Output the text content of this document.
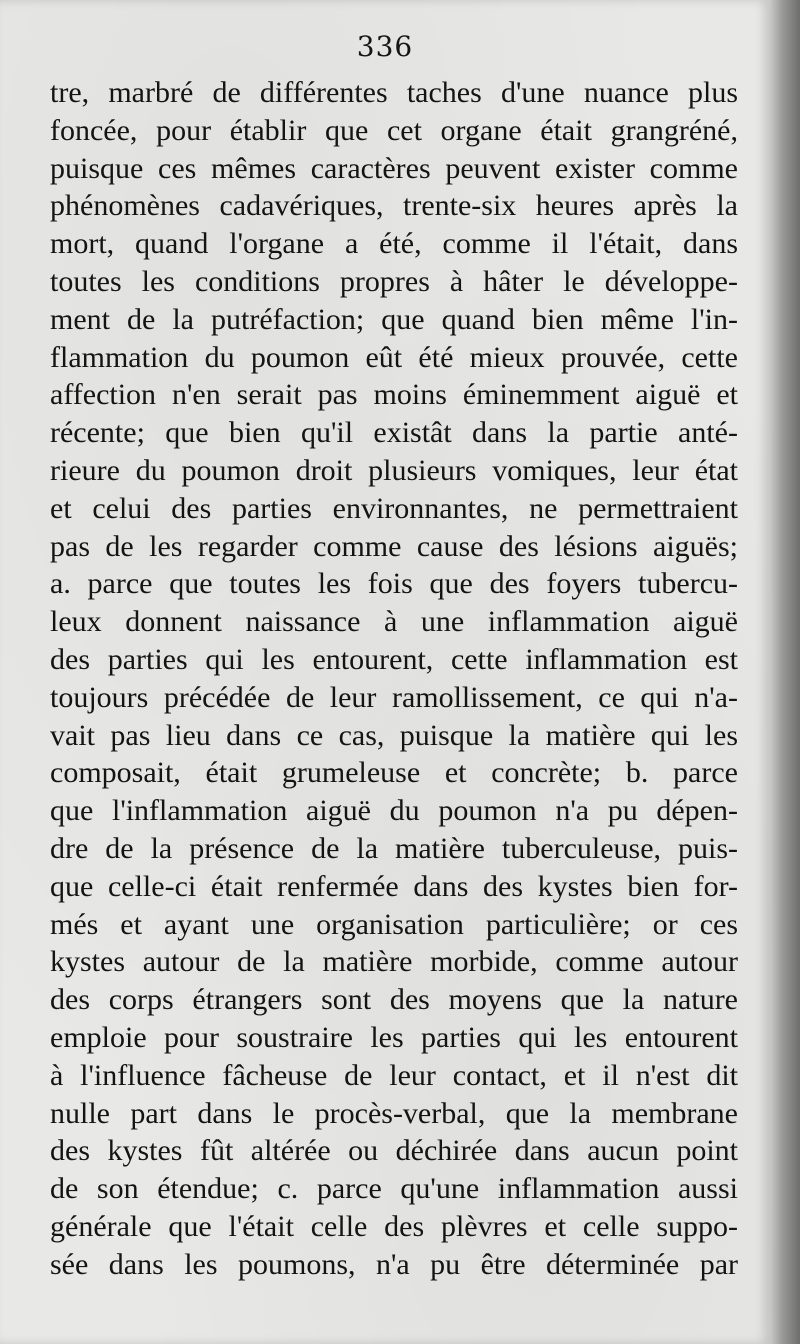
336
tre, marbré de différentes taches d'une nuance plus
foncée, pour établir que cet organe était grangréné,
puisque ces mêmes caractères peuvent exister comme
phénomènes cadavériques, trente-six heures après la
mort, quand l'organe a été, comme il l'était, dans
toutes les conditions propres à hâter le développe-
ment de la putréfaction; que quand bien même l'in-
flammation du poumon eût été mieux prouvée, cette
affection n'en serait pas moins éminemment aiguë et
récente; que bien qu'il existât dans la partie anté-
rieure du poumon droit plusieurs vomiques, leur état
et celui des parties environnantes, ne permettraient
pas de les regarder comme cause des lésions aiguës;
a. parce que toutes les fois que des foyers tubercu-
leux donnent naissance à une inflammation aiguë
des parties qui les entourent, cette inflammation est
toujours précédée de leur ramollissement, ce qui n'a-
vait pas lieu dans ce cas, puisque la matière qui les
composait, était grumeleuse et concrète; b. parce
que l'inflammation aiguë du poumon n'a pu dépen-
dre de la présence de la matière tuberculeuse, puis-
que celle-ci était renfermée dans des kystes bien for-
més et ayant une organisation particulière; or ces
kystes autour de la matière morbide, comme autour
des corps étrangers sont des moyens que la nature
emploie pour soustraire les parties qui les entourent
à l'influence fâcheuse de leur contact, et il n'est dit
nulle part dans le procès-verbal, que la membrane
des kystes fût altérée ou déchirée dans aucun point
de son étendue; c. parce qu'une inflammation aussi
générale que l'était celle des plèvres et celle suppo-
sée dans les poumons, n'a pu être déterminée par
